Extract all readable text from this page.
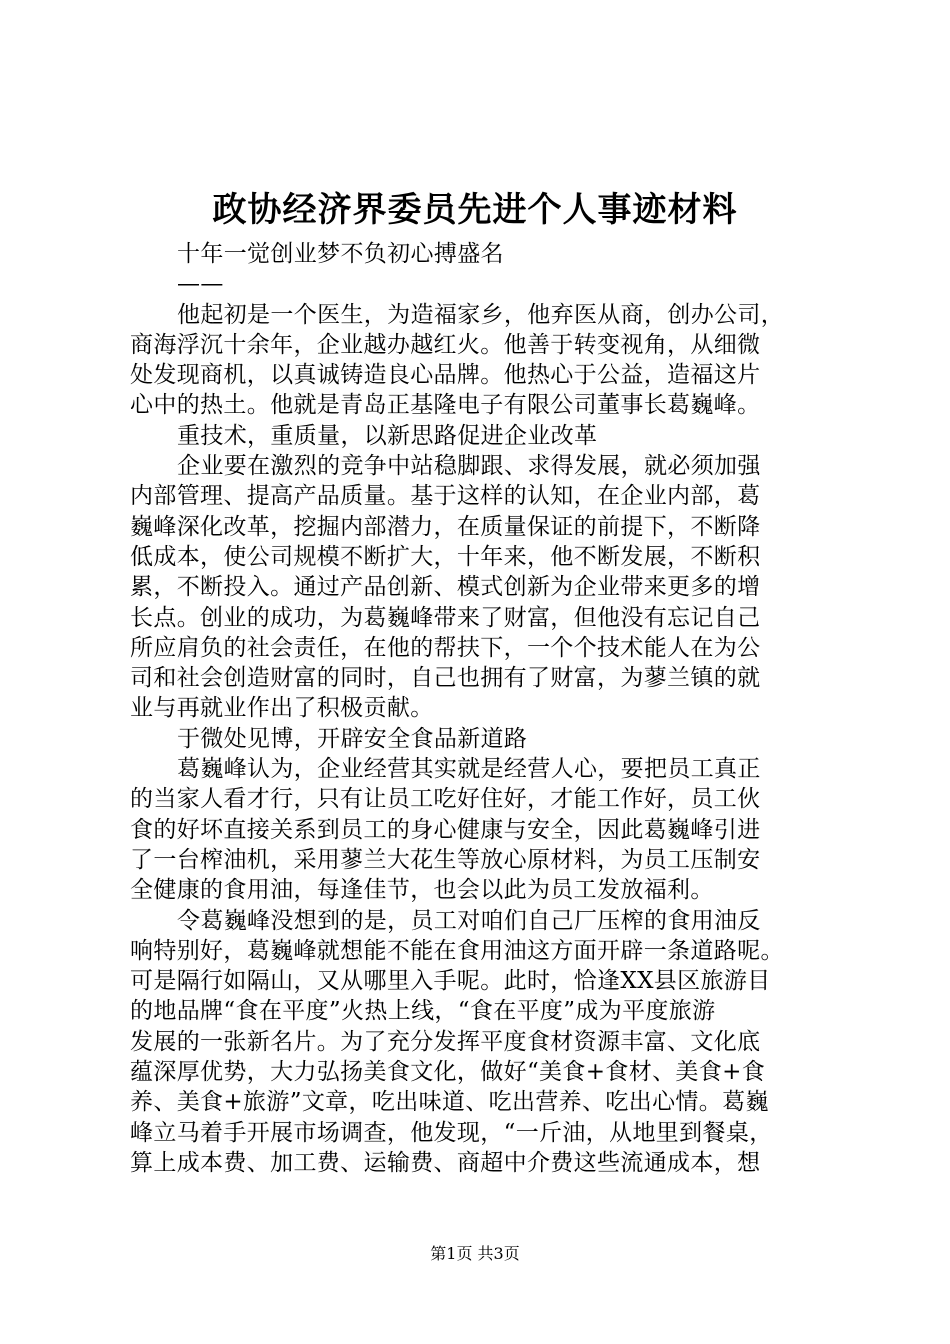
政协经济界委员先进个人事迹材料
十年一觉创业梦不负初心搏盛名
——
他起初是一个医生，为造福家乡，他弃医从商，创办公司，
商海浮沉十余年，企业越办越红火。他善于转变视角，从细微
处发现商机，以真诚铸造良心品牌。他热心于公益，造福这片
心中的热土。他就是青岛正基隆电子有限公司董事长葛巍峰。
重技术，重质量，以新思路促进企业改革
企业要在激烈的竞争中站稳脚跟、求得发展，就必须加强
内部管理、提高产品质量。基于这样的认知，在企业内部，葛
巍峰深化改革，挖掘内部潜力，在质量保证的前提下，不断降
低成本，使公司规模不断扩大，十年来，他不断发展，不断积
累，不断投入。通过产品创新、模式创新为企业带来更多的增
长点。创业的成功，为葛巍峰带来了财富，但他没有忘记自己
所应肩负的社会责任，在他的帮扶下，一个个技术能人在为公
司和社会创造财富的同时，自己也拥有了财富，为蓼兰镇的就
业与再就业作出了积极贡献。
于微处见博，开辟安全食品新道路
葛巍峰认为，企业经营其实就是经营人心，要把员工真正
的当家人看才行，只有让员工吃好住好，才能工作好，员工伙
食的好坏直接关系到员工的身心健康与安全，因此葛巍峰引进
了一台榨油机，采用蓼兰大花生等放心原材料，为员工压制安
全健康的食用油，每逢佳节，也会以此为员工发放福利。
令葛巍峰没想到的是，员工对咱们自己厂压榨的食用油反
响特别好，葛巍峰就想能不能在食用油这方面开辟一条道路呢。
可是隔行如隔山，又从哪里入手呢。此时，恰逢XX县区旅游目
的地品牌“食在平度”火热上线，“食在平度”成为平度旅游
发展的一张新名片。为了充分发挥平度食材资源丰富、文化底
蕴深厚优势，大力弘扬美食文化，做好“美食+食材、美食+食
养、美食+旅游”文章，吃出味道、吃出营养、吃出心情。葛巍
峰立马着手开展市场调查，他发现，“一斤油，从地里到餐桌，
算上成本费、加工费、运输费、商超中介费这些流通成本，想
第1页 共3页
